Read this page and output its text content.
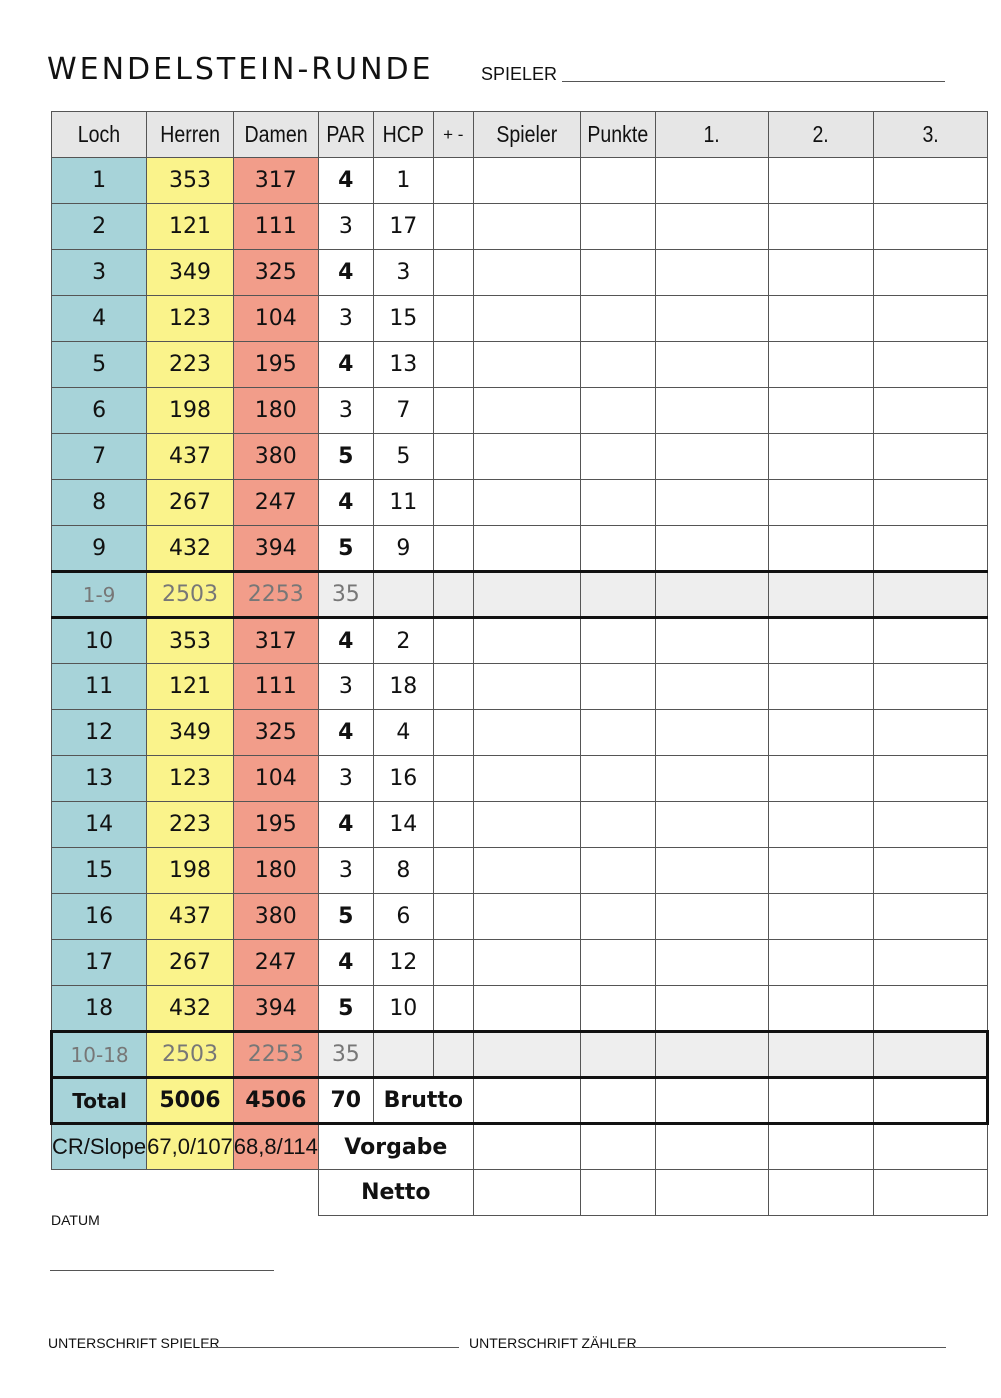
WENDELSTEIN-RUNDE	SPIELER
Loch	Herren	Damen	PAR	HCP	+ -	Spieler	Punkte	1.	2.	3.
1	353	317	4	1						
2	121	111	3	17						
3	349	325	4	3						
4	123	104	3	15						
5	223	195	4	13						
6	198	180	3	7						
7	437	380	5	5						
8	267	247	4	11						
9	432	394	5	9						
1-9	2503	2253	35							
10	353	317	4	2						
11	121	111	3	18						
12	349	325	4	4						
13	123	104	3	16						
14	223	195	4	14						
15	198	180	3	8						
16	437	380	5	6						
17	267	247	4	12						
18	432	394	5	10						
10-18	2503	2253	35							
Total	5006	4506	70	Brutto						
CR/Slope	67,0/107	68,8/114	Vorgabe							
			Netto							
DATUM
UNTERSCHRIFT SPIELER	UNTERSCHRIFT ZÄHLER
